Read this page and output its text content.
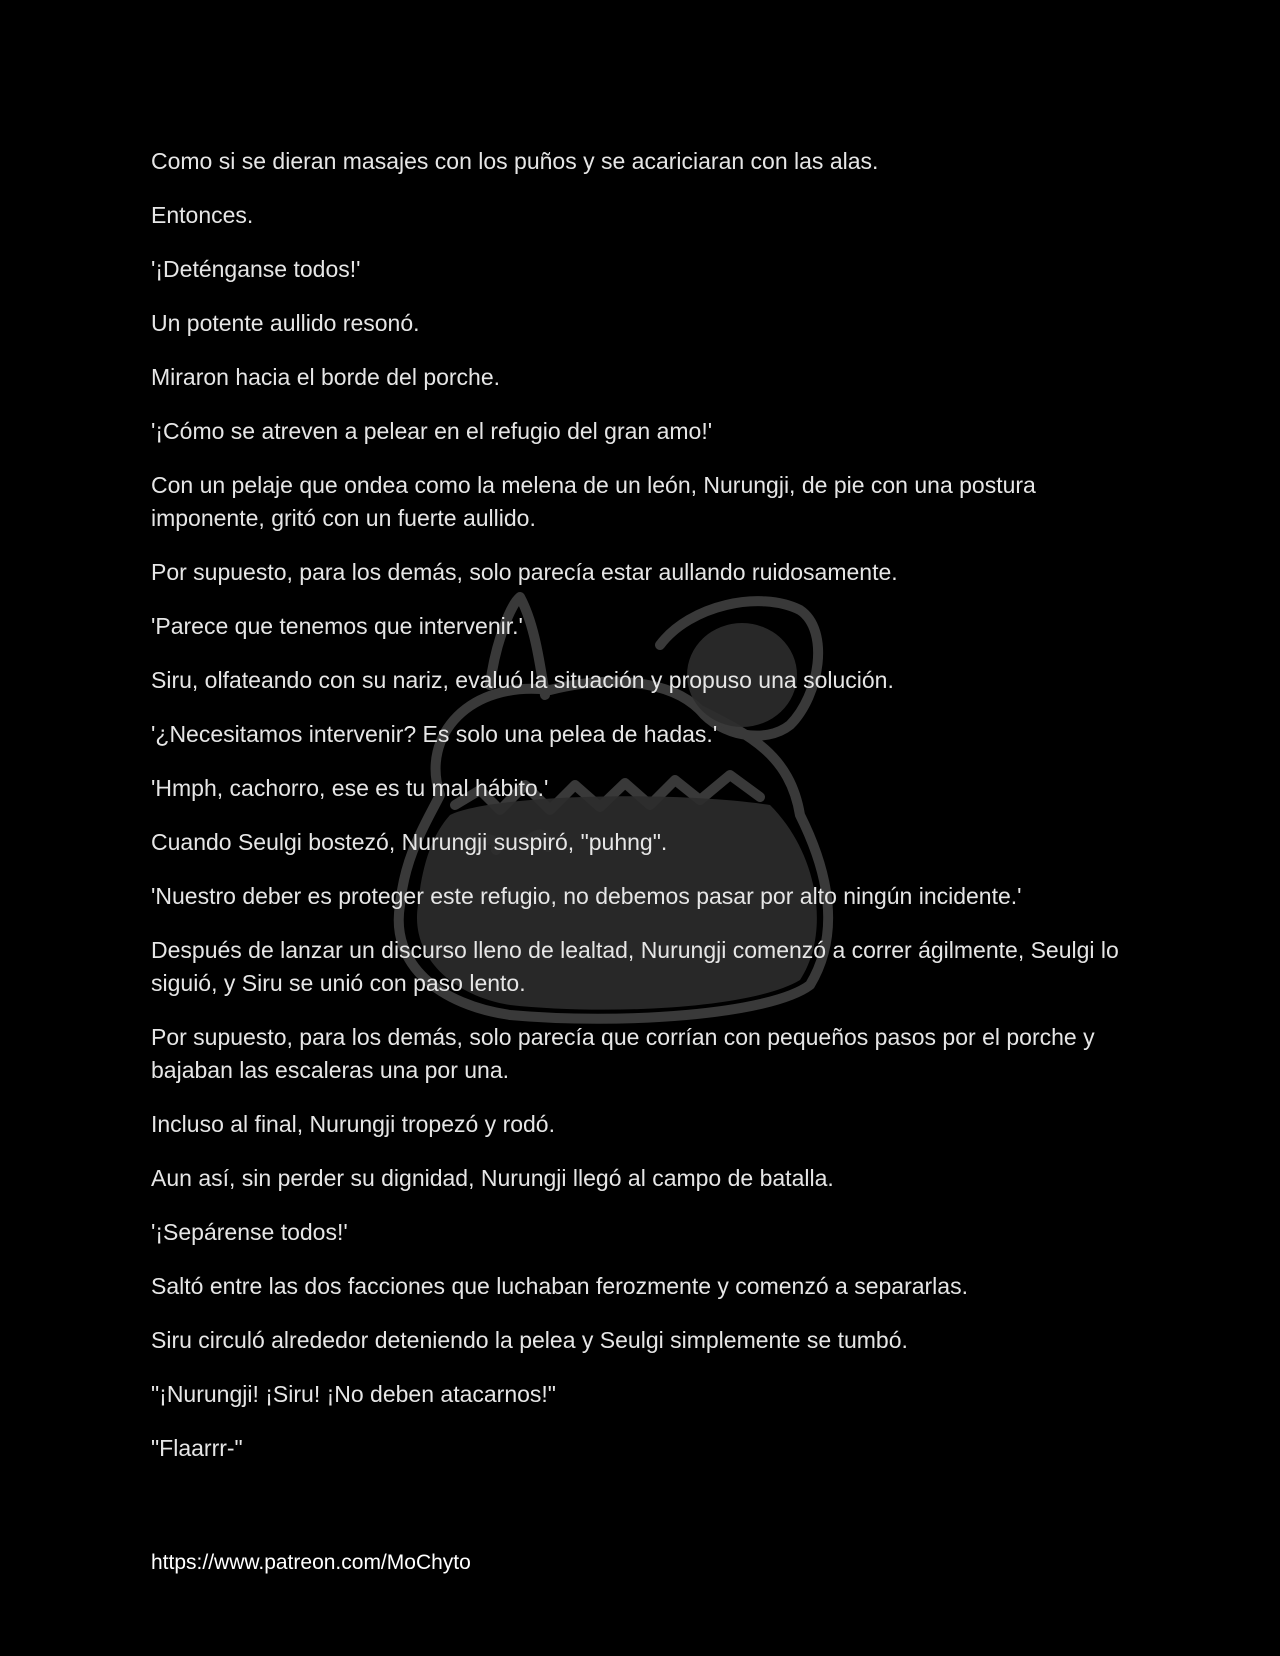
Como si se dieran masajes con los puños y se acariciaran con las alas.

Entonces.

'¡Deténganse todos!'

Un potente aullido resonó.

Miraron hacia el borde del porche.

'¡Cómo se atreven a pelear en el refugio del gran amo!'

Con un pelaje que ondea como la melena de un león, Nurungji, de pie con una postura imponente, gritó con un fuerte aullido.

Por supuesto, para los demás, solo parecía estar aullando ruidosamente.

'Parece que tenemos que intervenir.'

Siru, olfateando con su nariz, evaluó la situación y propuso una solución.

'¿Necesitamos intervenir? Es solo una pelea de hadas.'

'Hmph, cachorro, ese es tu mal hábito.'

Cuando Seulgi bostezó, Nurungji suspiró, "puhng".

'Nuestro deber es proteger este refugio, no debemos pasar por alto ningún incidente.'

Después de lanzar un discurso lleno de lealtad, Nurungji comenzó a correr ágilmente, Seulgi lo siguió, y Siru se unió con paso lento.

Por supuesto, para los demás, solo parecía que corrían con pequeños pasos por el porche y bajaban las escaleras una por una.

Incluso al final, Nurungji tropezó y rodó.

Aun así, sin perder su dignidad, Nurungji llegó al campo de batalla.

'¡Sepárense todos!'

Saltó entre las dos facciones que luchaban ferozmente y comenzó a separarlas.

Siru circuló alrededor deteniendo la pelea y Seulgi simplemente se tumbó.

"¡Nurungji! ¡Siru! ¡No deben atacarnos!"

"Flaarrr-"

https://www.patreon.com/MoChyto
